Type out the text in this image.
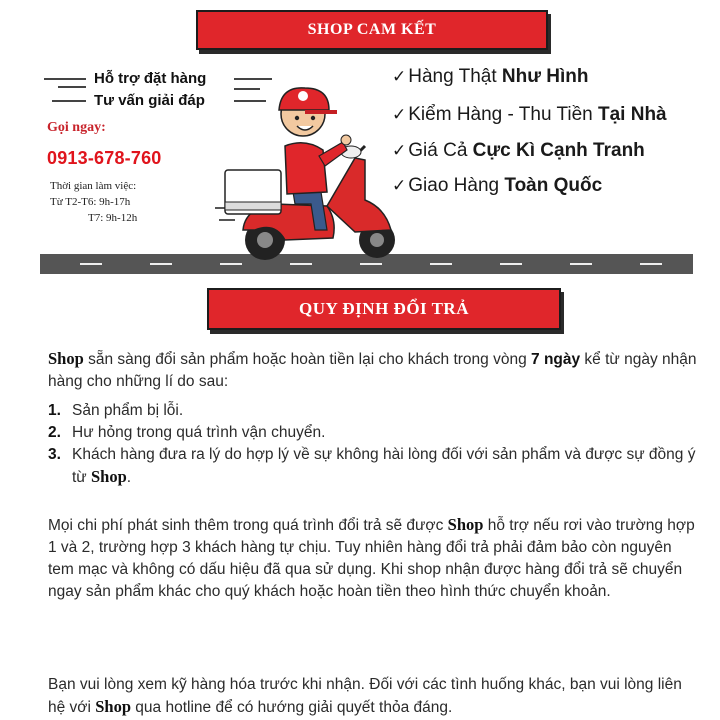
SHOP CAM KẾT
Hỗ trợ đặt hàng
Tư vấn giải đáp
Gọi ngay:
0913-678-760
Thời gian làm việc:
Từ T2-T6: 9h-17h
T7: 9h-12h
✓ Hàng Thật Như Hình
✓ Kiểm Hàng - Thu Tiền Tại Nhà
✓ Giá Cả Cực Kì Cạnh Tranh
✓ Giao Hàng Toàn Quốc
QUY ĐỊNH ĐỔI TRẢ
Shop sẵn sàng đổi sản phẩm hoặc hoàn tiền lại cho khách trong vòng 7 ngày kể từ ngày nhận hàng cho những lí do sau:
1. Sản phẩm bị lỗi.
2. Hư hỏng trong quá trình vận chuyển.
3. Khách hàng đưa ra lý do hợp lý về sự không hài lòng đối với sản phẩm và được sự đồng ý từ Shop.
Mọi chi phí phát sinh thêm trong quá trình đổi trả sẽ được Shop hỗ trợ nếu rơi vào trường hợp 1 và 2, trường hợp 3 khách hàng tự chịu. Tuy nhiên hàng đổi trả phải đảm bảo còn nguyên tem mạc và không có dấu hiệu đã qua sử dụng. Khi shop nhận được hàng đổi trả sẽ chuyển ngay sản phẩm khác cho quý khách hoặc hoàn tiền theo hình thức chuyển khoản.
Bạn vui lòng xem kỹ hàng hóa trước khi nhận. Đối với các tình huống khác, bạn vui lòng liên hệ với Shop qua hotline để có hướng giải quyết thỏa đáng.
